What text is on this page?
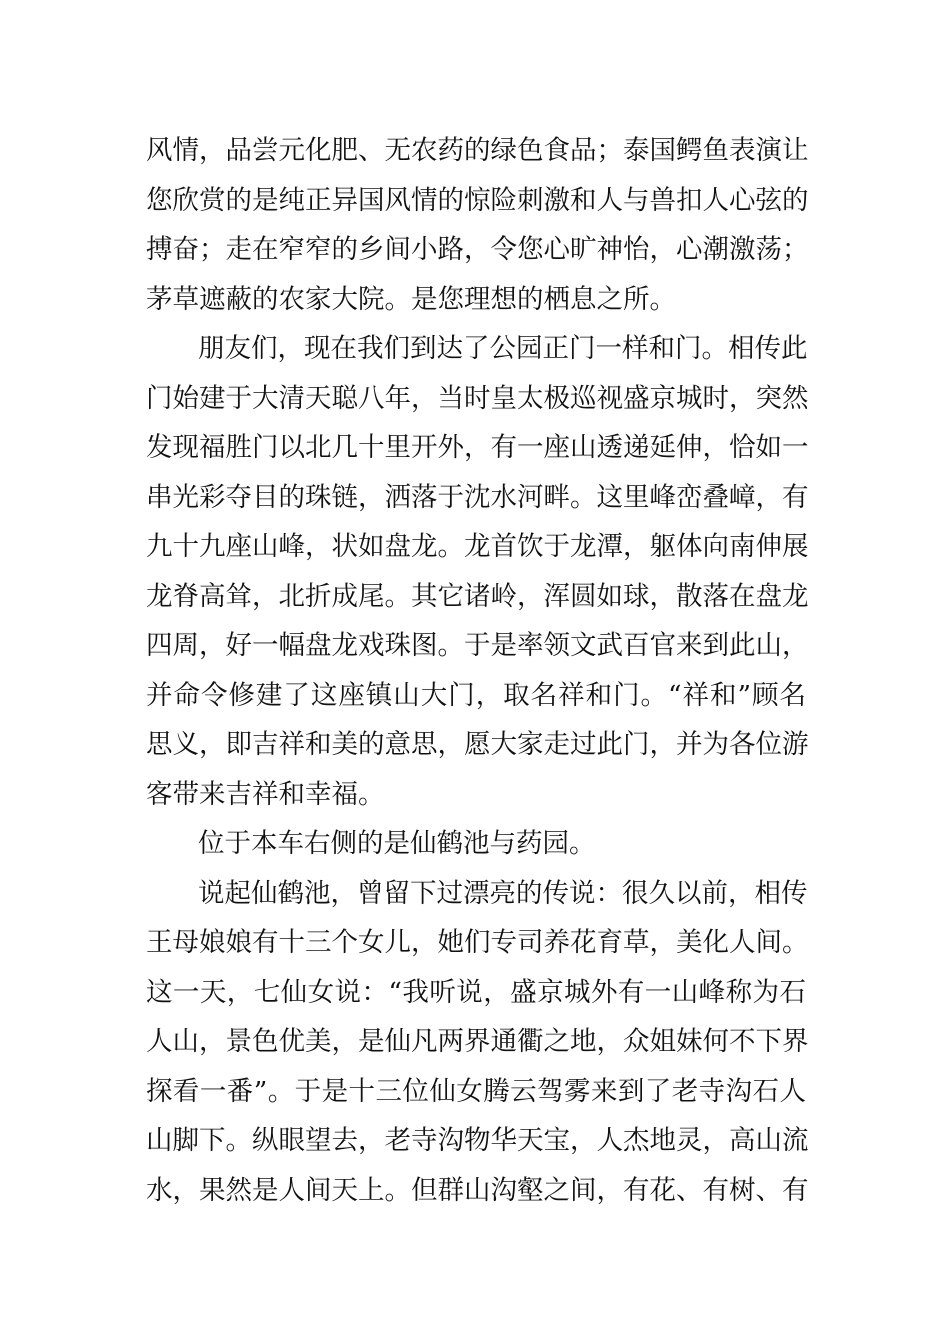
风情，品尝元化肥、无农药的绿色食品；泰国鳄鱼表演让
您欣赏的是纯正异国风情的惊险刺激和人与兽扣人心弦的
搏奋；走在窄窄的乡间小路，令您心旷神怡，心潮激荡；
茅草遮蔽的农家大院。是您理想的栖息之所。
朋友们，现在我们到达了公园正门一样和门。相传此
门始建于大清天聪八年，当时皇太极巡视盛京城时，突然
发现福胜门以北几十里开外，有一座山透递延伸，恰如一
串光彩夺目的珠链，洒落于沈水河畔。这里峰峦叠嶂，有
九十九座山峰，状如盘龙。龙首饮于龙潭，躯体向南伸展
龙脊高耸，北折成尾。其它诸岭，浑圆如球，散落在盘龙
四周，好一幅盘龙戏珠图。于是率领文武百官来到此山，
并命令修建了这座镇山大门，取名祥和门。“祥和”顾名
思义，即吉祥和美的意思，愿大家走过此门，并为各位游
客带来吉祥和幸福。
位于本车右侧的是仙鹤池与药园。
说起仙鹤池，曾留下过漂亮的传说：很久以前，相传
王母娘娘有十三个女儿，她们专司养花育草，美化人间。
这一天，七仙女说：“我听说，盛京城外有一山峰称为石
人山，景色优美，是仙凡两界通衢之地，众姐妹何不下界
探看一番”。于是十三位仙女腾云驾雾来到了老寺沟石人
山脚下。纵眼望去，老寺沟物华天宝，人杰地灵，高山流
水，果然是人间天上。但群山沟壑之间，有花、有树、有
